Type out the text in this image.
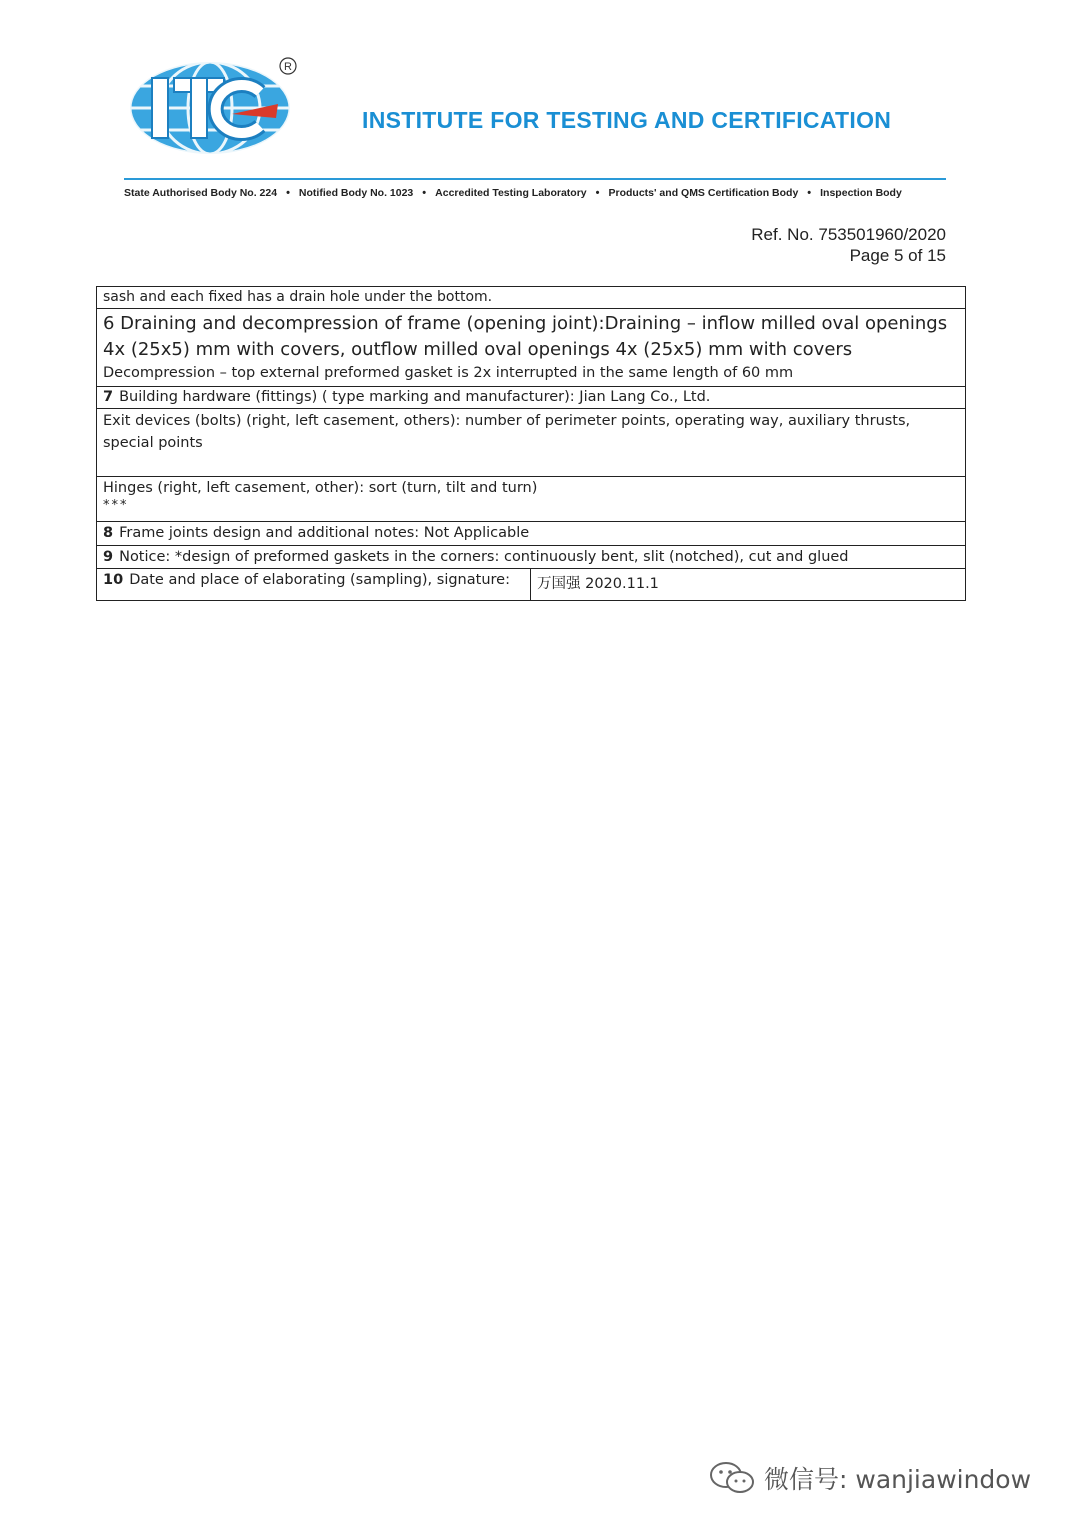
R
INSTITUTE FOR TESTING AND CERTIFICATION
State Authorised Body No. 224 • Notified Body No. 1023 • Accredited Testing Laboratory • Products' and QMS Certification Body • Inspection Body
Ref. No. 753501960/2020
Page 5 of 15
sash and each fixed has a drain hole under the bottom.
6 Draining and decompression of frame (opening joint):Draining – inflow milled oval openings
4x (25x5) mm with covers, outflow milled oval openings 4x (25x5) mm with covers
Decompression – top external preformed gasket is 2x interrupted in the same length of 60 mm
7 Building hardware (fittings) ( type marking and manufacturer): Jian Lang Co., Ltd.
Exit devices (bolts) (right, left casement, others): number of perimeter points, operating way, auxiliary thrusts,
special points
Hinges (right, left casement, other): sort (turn, tilt and turn)
***
8 Frame joints design and additional notes: Not Applicable
9 Notice: *design of preformed gaskets in the corners: continuously bent, slit (notched), cut and glued
10 Date and place of elaborating (sampling), signature:	万国强 2020.11.1
微信号: wanjiawindow
